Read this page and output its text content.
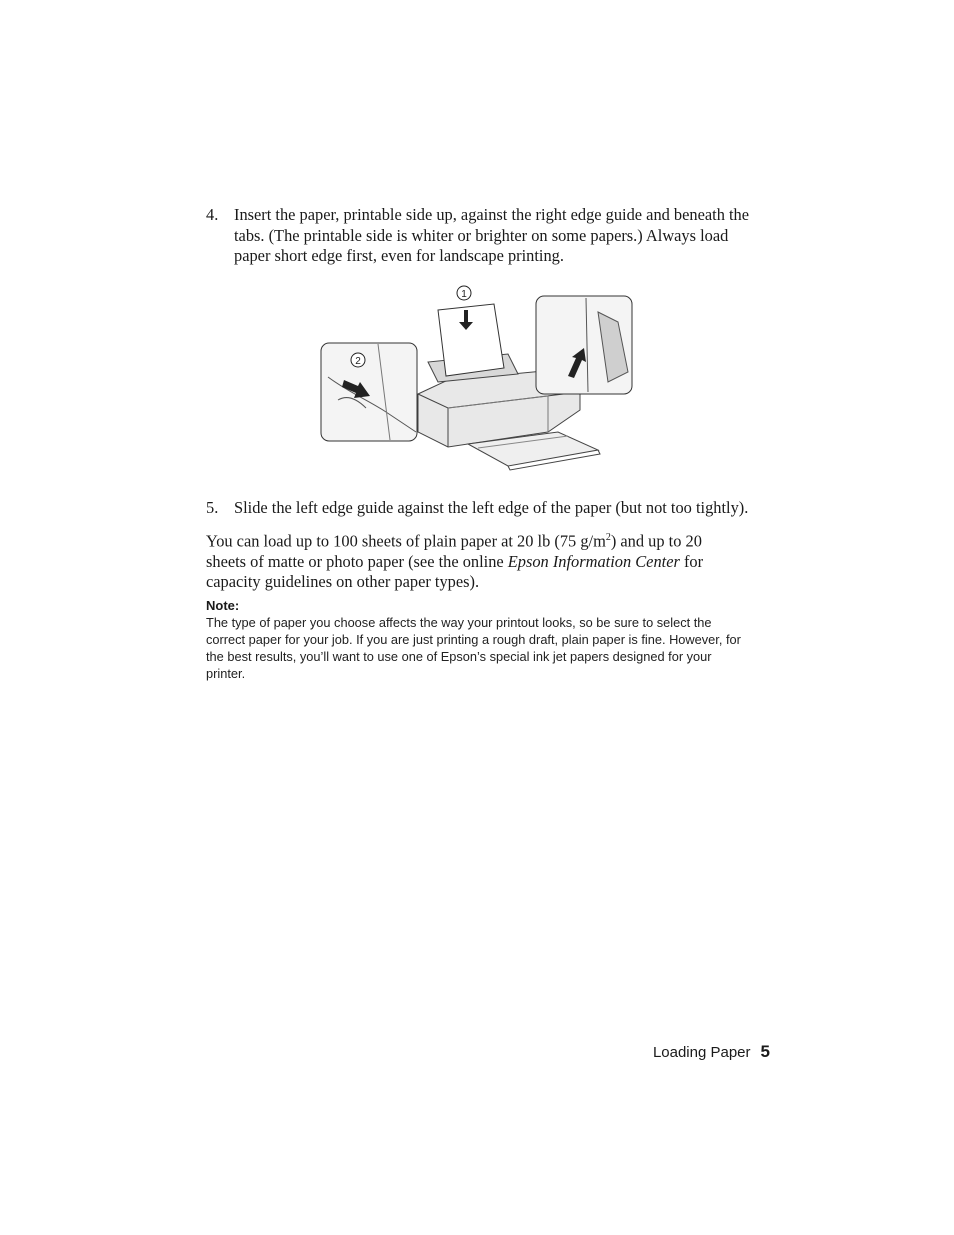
4. Insert the paper, printable side up, against the right edge guide and beneath the tabs. (The printable side is whiter or brighter on some papers.) Always load paper short edge first, even for landscape printing.
1
2
5. Slide the left edge guide against the left edge of the paper (but not too tightly).

You can load up to 100 sheets of plain paper at 20 lb (75 $g/m^2$) and up to 20 sheets of matte or photo paper (see the online Epson Information Center for capacity guidelines on other paper types).

Note:
The type of paper you choose affects the way your printout looks, so be sure to select the correct paper for your job. If you are just printing a rough draft, plain paper is fine. However, for the best results, you’ll want to use one of Epson’s special ink jet papers designed for your printer.
Loading Paper 5
